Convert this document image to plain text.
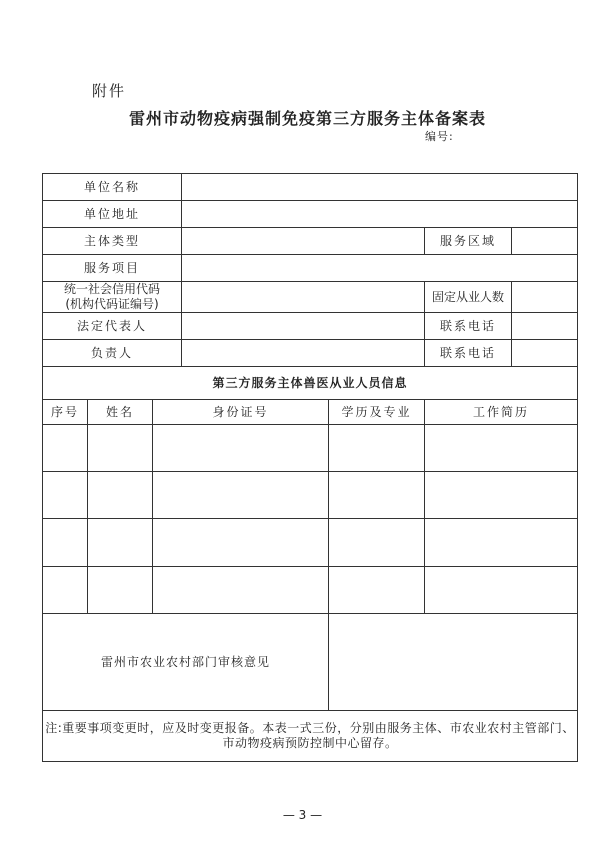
附件
雷州市动物疫病强制免疫第三方服务主体备案表
编号:
单位名称						
单位地址						
主体类型					服务区域	
服务项目						

统一社会信用代码
(机构代码证编号)					固定从业人数	
法定代表人					联系电话	
负责人					联系电话	
第三方服务主体兽医从业人员信息						
序号	姓名	身份证号		学历及专业	工作简历	

雷州市农业农村部门审核意见						
注:重要事项变更时，应及时变更报备。本表一式三份，分别由服务主体、市农业农村主管部门、市动物疫病预防控制中心留存。						
— 3 —
